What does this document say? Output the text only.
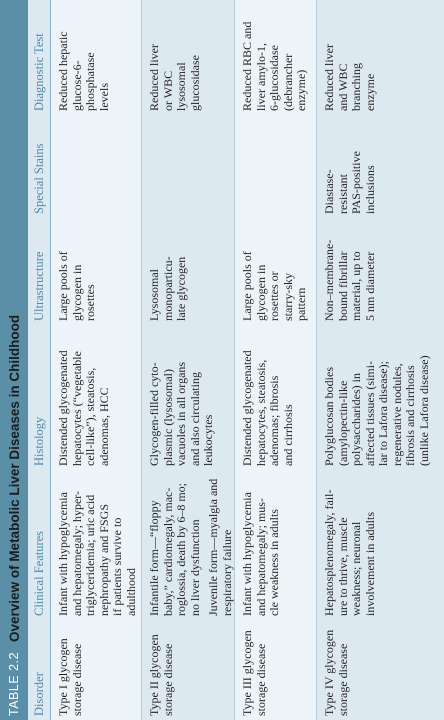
TABLE 2.2
Overview of Metabolic Liver Diseases in Childhood
Disorder
Clinical Features
Histology
Ultrastructure
Special Stains
Diagnostic Test
Type I glycogen storage disease
Infant with hypoglycemia and hepatomegaly; hyper- triglyceridemia; uric acid nephropathy and FSGS if patients survive to adulthood
Distended glycogenated hepatocytes (“vegetable cell-like”), steatosis, adenomas, HCC
Large pools of glycogen in rosettes
Reduced hepatic glucose-6- phosphatase levels
Type II glycogen storage disease
Infantile form—“floppy baby,” cardiomegaly, mac- roglossia, death by 6–8 mo; no liver dysfunction Juvenile form—myalgia and respiratory failure
Glycogen-filled cyto- plasmic (lysosomal) vacuoles in all organs and also circulating leukocytes
Lysosomal monoparticu- late glycogen
Reduced liver or WBC lysosomal glucosidase
Type III glycogen storage disease
Infant with hypoglycemia and hepatomegaly; mus- cle weakness in adults
Distended glycogenated hepatocytes, steatosis, adenomas; fibrosis and cirrhosis
Large pools of glycogen in rosettes or starry-sky pattern
Reduced RBC and liver amylo-1, 6-glucosidase (debrancher enzyme)
Type IV glycogen storage disease
Hepatosplenomegaly, fail- ure to thrive, muscle weakness; neuronal involvement in adults
Polyglucosan bodies (amylopectin-like polysaccharides) in affected tissues (simi- lar to Lafora disease); regenerative nodules, fibrosis and cirrhosis (unlike Lafora disease)
Non–membrane- bound fibrillar material, up to 5 nm diameter
Diastase- resistant PAS-positive inclusions
Reduced liver and WBC branching enzyme
